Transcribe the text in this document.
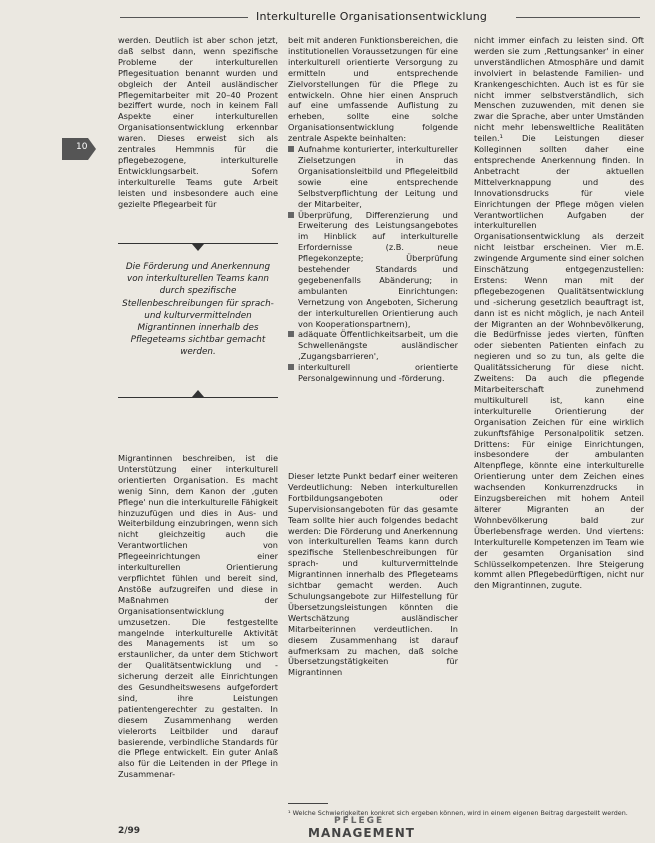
Interkulturelle Organisationsentwicklung
10

werden. Deutlich ist aber schon jetzt, daß selbst dann, wenn spezifische Probleme der interkulturellen Pflegesituation benannt wurden und obgleich der Anteil ausländischer Pflegemitarbeiter mit 20–40 Prozent beziffert wurde, noch in keinem Fall Aspekte einer interkulturellen Organisationsentwicklung erkennbar waren. Dieses erweist sich als zentrales Hemmnis für die pflegebezogene, interkulturelle Entwicklungsarbeit. Sofern interkulturelle Teams gute Arbeit leisten und insbesondere auch eine gezielte Pflegearbeit für

Die Förderung und Anerkennung von interkulturellen Teams kann durch spezifische Stellenbeschreibungen für sprach- und kulturvermittelnden Migrantinnen innerhalb des Pflegeteams sichtbar gemacht werden.

Migrantinnen beschreiben, ist die Unterstützung einer interkulturell orientierten Organisation. Es macht wenig Sinn, dem Kanon der ‚guten Pflege' nun die interkulturelle Fähigkeit hinzuzufügen und dies in Aus- und Weiterbildung einzubringen, wenn sich nicht gleichzeitig auch die Verantwortlichen von Pflegeeinrichtungen einer interkulturellen Orientierung verpflichtet fühlen und bereit sind, Anstöße aufzugreifen und diese in Maßnahmen der Organisationsentwicklung umzusetzen. Die festgestellte mangelnde interkulturelle Aktivität des Managements ist um so erstaunlicher, da unter dem Stichwort der Qualitätsentwicklung und -sicherung derzeit alle Einrichtungen des Gesundheitswesens aufgefordert sind, ihre Leistungen patientengerechter zu gestalten. In diesem Zusammenhang werden vielerorts Leitbilder und darauf basierende, verbindliche Standards für die Pflege entwickelt. Ein guter Anlaß also für die Leitenden in der Pflege in Zusammenar-

beit mit anderen Funktionsbereichen, die institutionellen Voraussetzungen für eine interkulturell orientierte Versorgung zu ermitteln und entsprechende Zielvorstellungen für die Pflege zu entwickeln. Ohne hier einen Anspruch auf eine umfassende Auflistung zu erheben, sollte eine solche Organisationsentwicklung folgende zentrale Aspekte beinhalten:

Aufnahme konturierter, interkultureller Zielsetzungen in das Organisationsleitbild und Pflegeleitbild sowie eine entsprechende Selbstverpflichtung der Leitung und der Mitarbeiter,
Überprüfung, Differenzierung und Erweiterung des Leistungsangebotes im Hinblick auf interkulturelle Erfordernisse (z.B. neue Pflegekonzepte; Überprüfung bestehender Standards und gegebenenfalls Abänderung; in ambulanten Einrichtungen: Vernetzung von Angeboten, Sicherung der interkulturellen Orientierung auch von Kooperationspartnern),
adäquate Öffentlichkeitsarbeit, um die Schwellenängste ausländischer ‚Zugangsbarrieren',
interkulturell orientierte Personalgewinnung und -förderung.

Dieser letzte Punkt bedarf einer weiteren Verdeutlichung: Neben interkulturellen Fortbildungsangeboten oder Supervisionsangeboten für das gesamte Team sollte hier auch folgendes bedacht werden: Die Förderung und Anerkennung von interkulturellen Teams kann durch spezifische Stellenbeschreibungen für sprach- und kulturvermittelnde Migrantinnen innerhalb des Pflegeteams sichtbar gemacht werden. Auch Schulungsangebote zur Hilfestellung für Übersetzungsleistungen könnten die Wertschätzung ausländischer Mitarbeiterinnen verdeutlichen. In diesem Zusammenhang ist darauf aufmerksam zu machen, daß solche Übersetzungstätigkeiten für Migrantinnen

nicht immer einfach zu leisten sind. Oft werden sie zum ‚Rettungsanker' in einer unverständlichen Atmosphäre und damit involviert in belastende Familien- und Krankengeschichten. Auch ist es für sie nicht immer selbstverständlich, sich Menschen zuzuwenden, mit denen sie zwar die Sprache, aber unter Umständen nicht mehr lebensweltliche Realitäten teilen.¹ Die Leistungen dieser Kolleginnen sollten daher eine entsprechende Anerkennung finden. In Anbetracht der aktuellen Mittelverknappung und des Innovationsdrucks für viele Einrichtungen der Pflege mögen vielen Verantwortlichen Aufgaben der interkulturellen Organisationsentwicklung als derzeit nicht leistbar erscheinen. Vier m.E. zwingende Argumente sind einer solchen Einschätzung entgegenzustellen: Erstens: Wenn man mit der pflegebezogenen Qualitätsentwicklung und -sicherung gesetzlich beauftragt ist, dann ist es nicht möglich, je nach Anteil der Migranten an der Wohnbevölkerung, die Bedürfnisse jedes vierten, fünften oder siebenten Patienten einfach zu negieren und so zu tun, als gelte die Qualitätssicherung für diese nicht. Zweitens: Da auch die pflegende Mitarbeiterschaft zunehmend multikulturell ist, kann eine interkulturelle Orientierung der Organisation Zeichen für eine wirklich zukunftsfähige Personalpolitik setzen. Drittens: Für einige Einrichtungen, insbesondere der ambulanten Altenpflege, könnte eine interkulturelle Orientierung unter dem Zeichen eines wachsenden Konkurrenzdrucks in Einzugsbereichen mit hohem Anteil älterer Migranten an der Wohnbevölkerung bald zur Überlebensfrage werden. Und viertens: Interkulturelle Kompetenzen im Team wie der gesamten Organisation sind Schlüsselkompetenzen. Ihre Steigerung kommt allen Pflegebedürftigen, nicht nur den Migrantinnen, zugute.

¹ Welche Schwierigkeiten konkret sich ergeben können, wird in einem eigenen Beitrag dargestellt werden.
2/99
PFLEGE
MANAGEMENT
